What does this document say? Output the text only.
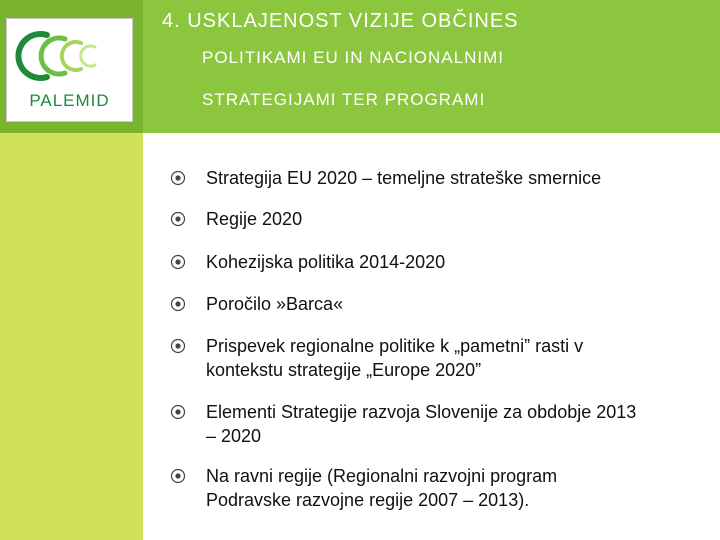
PALEMID
4. USKLAJENOST VIZIJE OBČINES
POLITIKAMI EU IN NACIONALNIMI
STRATEGIJAMI TER PROGRAMI
Strategija EU 2020 – temeljne strateške smernice
Regije 2020
Kohezijska politika 2014-2020
Poročilo »Barca«
Prispevek regionalne politike k „pametni” rasti v
kontekstu strategije „Europe 2020”
Elementi Strategije razvoja Slovenije za obdobje 2013
– 2020
Na ravni regije (Regionalni razvojni program
Podravske razvojne regije 2007 – 2013).
